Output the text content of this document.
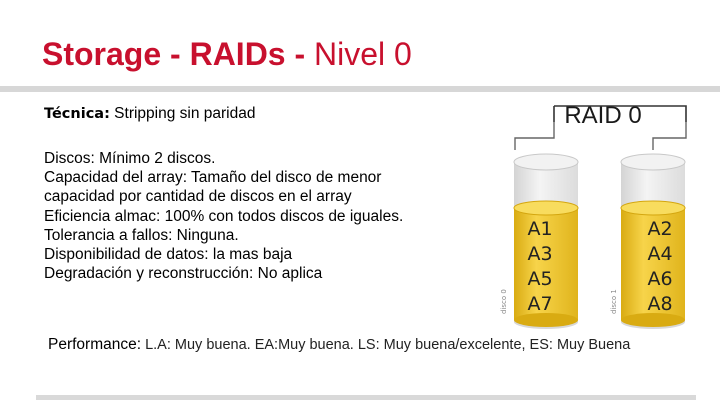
Storage - RAIDs - Nivel 0
Técnica: Stripping sin paridad
Discos: Mínimo 2 discos.
Capacidad del array: Tamaño del disco de menor
capacidad por cantidad de discos en el array
Eficiencia almac: 100% con todos discos de iguales.
Tolerancia a fallos: Ninguna.
Disponibilidad de datos: la mas baja
Degradación y reconstrucción: No aplica
Performance: L.A: Muy buena. EA:Muy buena. LS: Muy buena/excelente, ES: Muy Buena
RAID 0
A1
A3
A5
A7
disco 0
A2
A4
A6
A8
disco 1
